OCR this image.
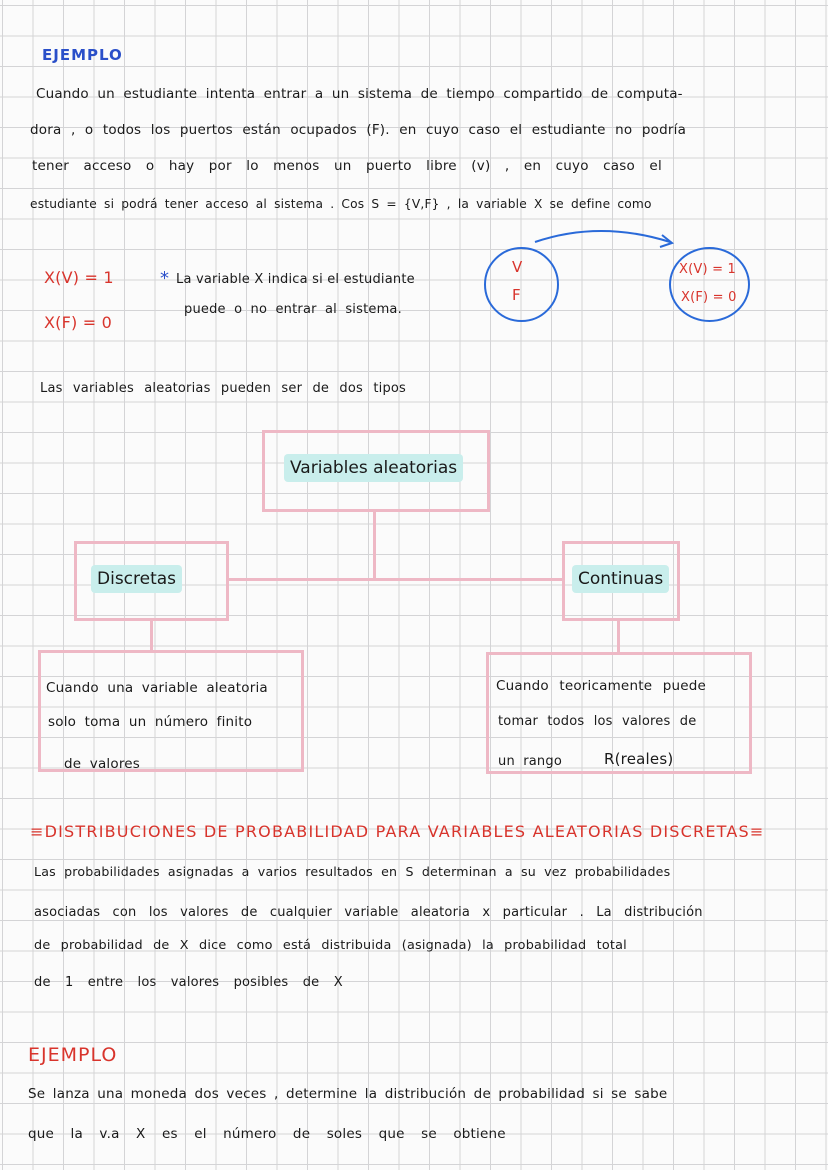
EJEMPLO
Cuando un estudiante intenta entrar a un sistema de tiempo compartido de computa-
dora , o todos los puertos están ocupados (F). en cuyo caso el estudiante no podría
tener acceso o hay por lo menos un puerto libre (v) , en cuyo caso el
estudiante si podrá tener acceso al sistema . Cos S = {V,F} , la variable X se define como
X(V) = 1
X(F) = 0
* La variable X indica si el estudiante
puede o no entrar al sistema.
V
F
X(V) = 1
X(F) = 0
Las variables aleatorias pueden ser de dos tipos
Variables aleatorias
Discretas	Continuas
Cuando una variable aleatoria
solo toma un número finito
de valores
Cuando teoricamente puede
tomar todos los valores de
un rango	R(reales)
≡DISTRIBUCIONES DE PROBABILIDAD PARA VARIABLES ALEATORIAS DISCRETAS≡
Las probabilidades asignadas a varios resultados en S determinan a su vez probabilidades
asociadas con los valores de cualquier variable aleatoria x particular . La distribución
de probabilidad de X dice como está distribuida (asignada) la probabilidad total
de 1 entre los valores posibles de X
EJEMPLO
Se lanza una moneda dos veces , determine la distribución de probabilidad si se sabe
que la v.a X es el número de soles que se obtiene
